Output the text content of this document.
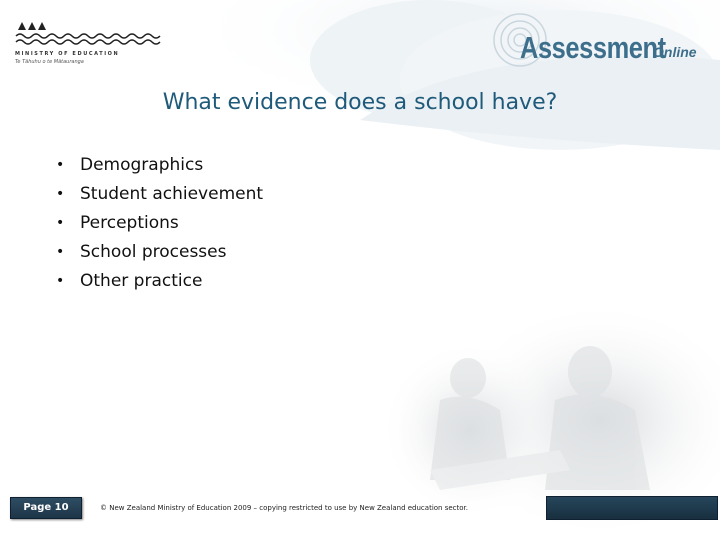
MINISTRY OF EDUCATION
Te Tāhuhu o te Mātauranga	Assessment
Online
What evidence does a school have?
• Demographics
• Student achievement
• Perceptions
• School processes
• Other practice
Page 10	© New Zealand Ministry of Education 2009 – copying restricted to use by New Zealand education sector.
